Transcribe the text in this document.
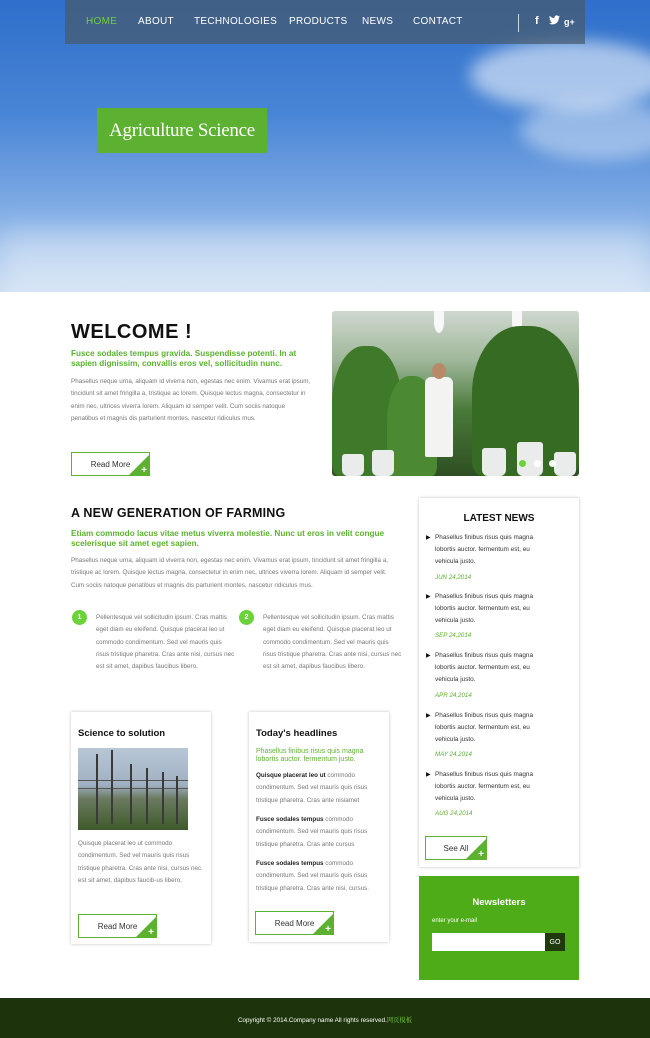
HOME ABOUT TECHNOLOGIES PRODUCTS NEWS CONTACT	f	g+
Agriculture Science
WELCOME !
Fusce sodales tempus gravida. Suspendisse potenti. In at sapien dignissim, convallis eros vel, sollicitudin nunc.
Phasellus neque urna, aliquam id viverra non, egestas nec enim. Vivamus erat ipsum, tincidunt sit amet fringilla a, tristique ac lorem. Quisque lectus magna, consectetur in enim nec, ultrices viverra lorem. Aliquam id semper velit. Cum sociis natoque penatibus et magnis dis parturient montes, nascetur ridiculus mus.
Read More
+
A NEW GENERATION OF FARMING
Etiam commodo lacus vitae metus viverra molestie. Nunc ut eros in velit congue scelerisque sit amet eget sapien.
Phasellus neque urna, aliquam id viverra non, egestas nec enim. Vivamus erat ipsum, tincidunt sit amet fringilla a, tristique ac lorem. Quisque lectus magna, consectetur in enim nec, ultrices viverra lorem. Aliquam id semper velit. Cum sociis natoque penatibus et magnis dis parturient montes, nascetur ridiculus mus.
1	Pellentesque vel sollicitudin ipsum. Cras mattis eget diam eu eleifend. Quisque placerat leo ut commodo condimentum. Sed vel mauris quis risus tristique pharetra. Cras ante nisi, cursus nec est sit amet, dapibus faucibus libero.
2	Pellentesque vel sollicitudin ipsum. Cras mattis eget diam eu eleifend. Quisque placerat leo ut commodo condimentum. Sed vel mauris quis risus tristique pharetra. Cras ante nisi, cursus nec est sit amet, dapibus faucibus libero.
Science to solution
Quisque placerat leo ut commodo condimentum. Sed vel mauris quis risus tristique pharetra. Cras ante nisi, cursus nec est sit amet, dapibus faucib-us libero.
Read More
+
Today's headlines
Phasellus finibus risus quis magna lobortis auctor. fermentum justo.
Quisque placerat leo ut commodo condimentum. Sed vel mauris quis risus tristique pharetra. Cras ante nisiamet
Fusce sodales tempus commodo condimentum. Sed vel mauris quis risus tristique pharetra. Cras ante cursus
Fusce sodales tempus commodo condimentum. Sed vel mauris quis risus tristique pharetra. Cras ante nisi, cursus.
Read More
+
LATEST NEWS
▶ Phasellus finibus risus quis magna lobortis auctor. fermentum est, eu vehicula justo.
JUN 24,2014
▶ Phasellus finibus risus quis magna lobortis auctor. fermentum est, eu vehicula justo.
SEP 24,2014
▶ Phasellus finibus risus quis magna lobortis auctor. fermentum est, eu vehicula justo.
APR 24,2014
▶ Phasellus finibus risus quis magna lobortis auctor. fermentum est, eu vehicula justo.
MAY 24,2014
▶ Phasellus finibus risus quis magna lobortis auctor. fermentum est, eu vehicula justo.
AUG 24,2014
See All
+
Newsletters
enter your e-mail
GO
Copyright © 2014.Company name All rights reserved.网页模板
